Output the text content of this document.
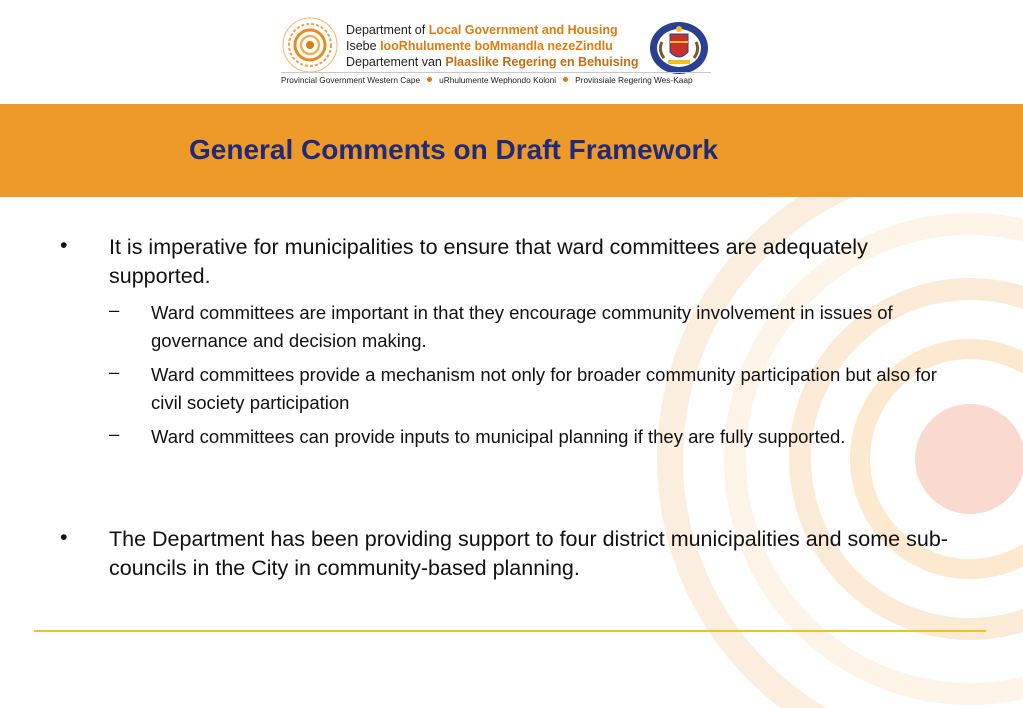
Department of Local Government and Housing
Isebe IooRhulumente boMmandla nezeZindlu
Departement van Plaaslike Regering en Behuising
Provincial Government Western Cape uRhulumente Wephondo Koloni Provinsiale Regering Wes-Kaap
General Comments on Draft Framework
• It is imperative for municipalities to ensure that ward committees are adequately supported.
– Ward committees are important in that they encourage community involvement in issues of governance and decision making.
– Ward committees provide a mechanism not only for broader community participation but also for civil society participation
– Ward committees can provide inputs to municipal planning if they are fully supported.
• The Department has been providing support to four district municipalities and some sub-councils in the City in community-based planning.
